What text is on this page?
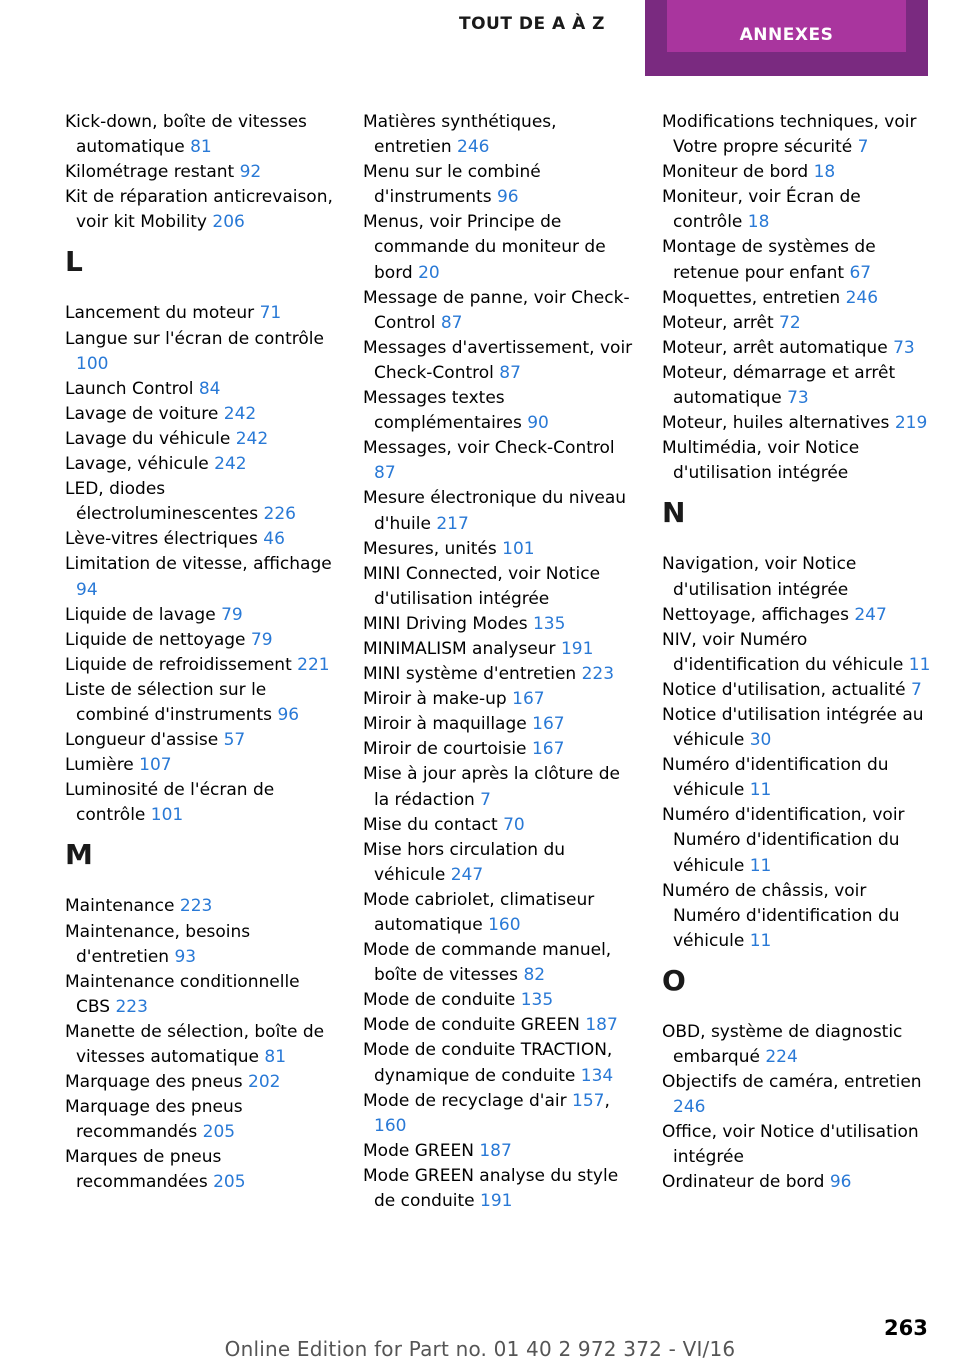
TOUT DE A À Z
ANNEXES

Kick-down, boîte de vitesses automatique 81

Kilométrage restant 92

Kit de réparation anticrevaison, voir kit Mobility 206

L

Lancement du moteur 71

Langue sur l'écran de contrôle 100

Launch Control 84

Lavage de voiture 242

Lavage du véhicule 242

Lavage, véhicule 242

LED, diodes électroluminescentes 226

Lève-vitres électriques 46

Limitation de vitesse, affichage 94

Liquide de lavage 79

Liquide de nettoyage 79

Liquide de refroidissement 221

Liste de sélection sur le combiné d'instruments 96

Longueur d'assise 57

Lumière 107

Luminosité de l'écran de contrôle 101

M

Maintenance 223

Maintenance, besoins d'entretien 93

Maintenance conditionnelle CBS 223

Manette de sélection, boîte de vitesses automatique 81

Marquage des pneus 202

Marquage des pneus recommandés 205

Marques de pneus recommandées 205

Matières synthétiques, entretien 246

Menu sur le combiné d'instruments 96

Menus, voir Principe de commande du moniteur de bord 20

Message de panne, voir Check-Control 87

Messages d'avertissement, voir Check-Control 87

Messages textes complémentaires 90

Messages, voir Check-Control 87

Mesure électronique du niveau d'huile 217

Mesures, unités 101

MINI Connected, voir Notice d'utilisation intégrée

MINI Driving Modes 135

MINIMALISM analyseur 191

MINI système d'entretien 223

Miroir à make-up 167

Miroir à maquillage 167

Miroir de courtoisie 167

Mise à jour après la clôture de la rédaction 7

Mise du contact 70

Mise hors circulation du véhicule 247

Mode cabriolet, climatiseur automatique 160

Mode de commande manuel, boîte de vitesses 82

Mode de conduite 135

Mode de conduite GREEN 187

Mode de conduite TRACTION, dynamique de conduite 134

Mode de recyclage d'air 157, 160

Mode GREEN 187

Mode GREEN analyse du style de conduite 191

Modifications techniques, voir Votre propre sécurité 7

Moniteur de bord 18

Moniteur, voir Écran de contrôle 18

Montage de systèmes de retenue pour enfant 67

Moquettes, entretien 246

Moteur, arrêt 72

Moteur, arrêt automatique 73

Moteur, démarrage et arrêt automatique 73

Moteur, huiles alternatives 219

Multimédia, voir Notice d'utilisation intégrée

N

Navigation, voir Notice d'utilisation intégrée

Nettoyage, affichages 247

NIV, voir Numéro d'identification du véhicule 11

Notice d'utilisation, actualité 7

Notice d'utilisation intégrée au véhicule 30

Numéro d'identification du véhicule 11

Numéro d'identification, voir Numéro d'identification du véhicule 11

Numéro de châssis, voir Numéro d'identification du véhicule 11

O

OBD, système de diagnostic embarqué 224

Objectifs de caméra, entretien 246

Office, voir Notice d'utilisation intégrée

Ordinateur de bord 96

263
Online Edition for Part no. 01 40 2 972 372 - VI/16
